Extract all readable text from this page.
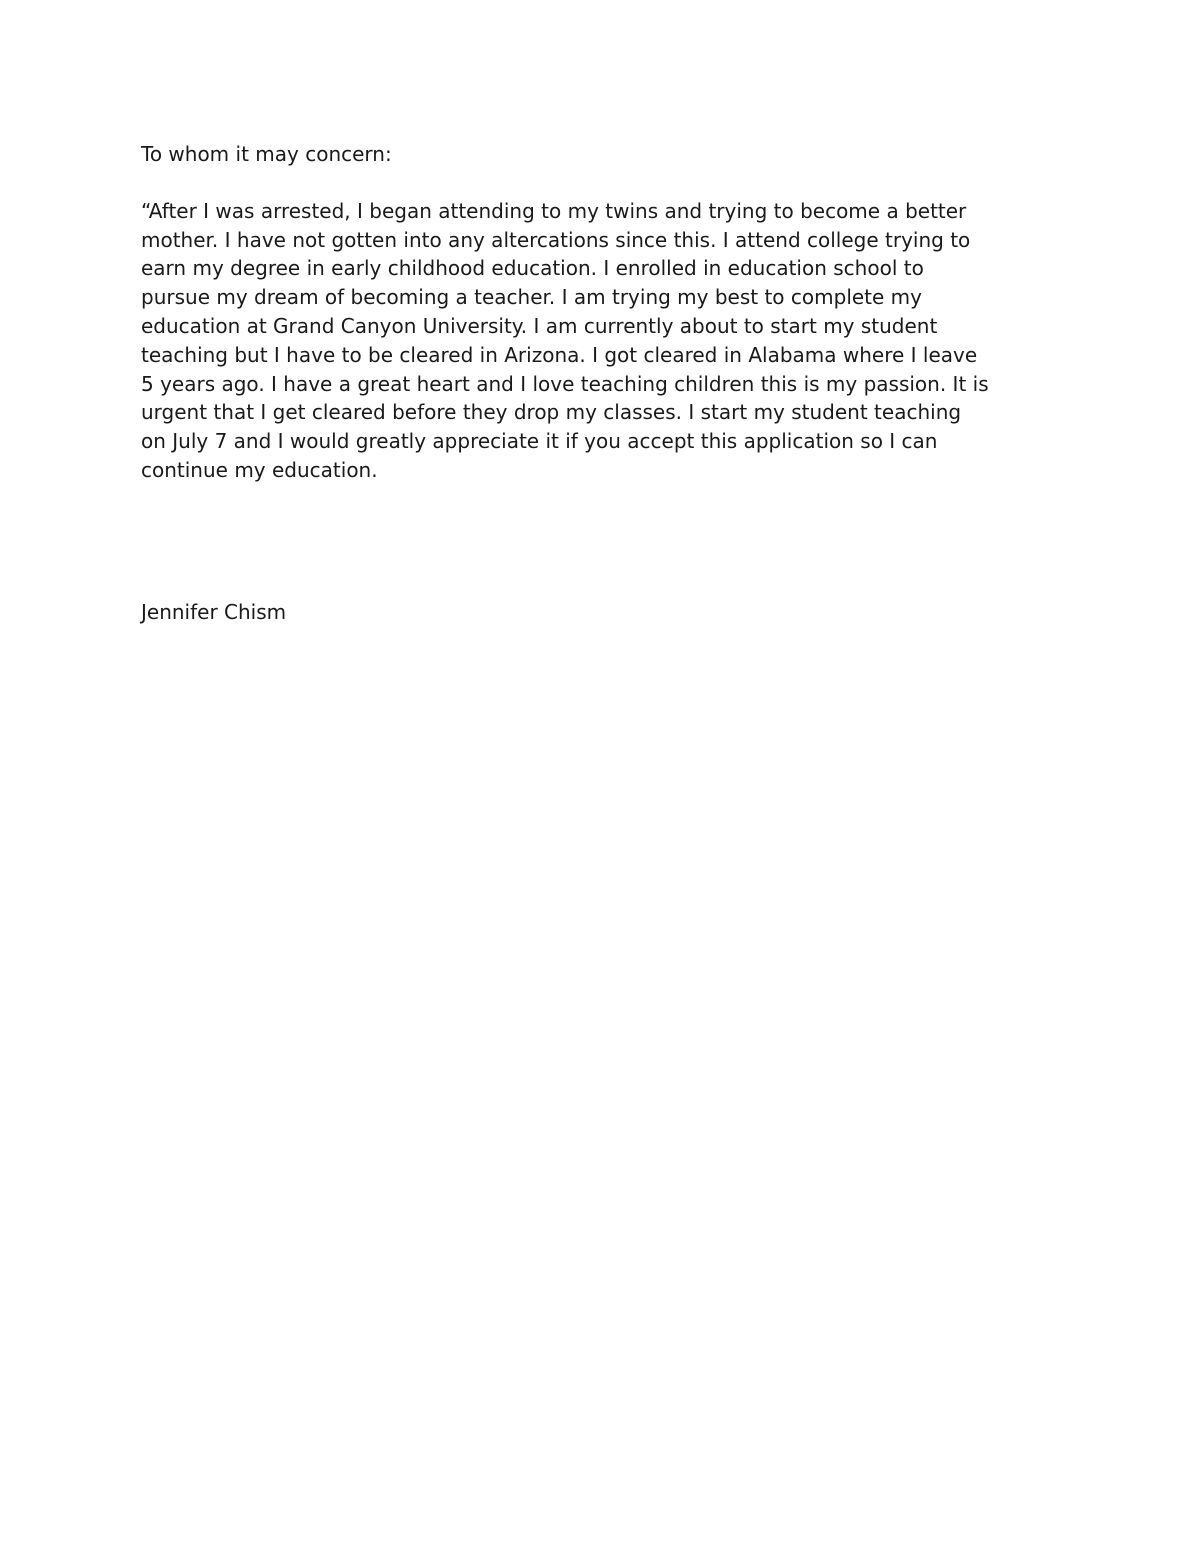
To whom it may concern:

“After I was arrested, I began attending to my twins and trying to become a better
mother. I have not gotten into any altercations since this. I attend college trying to
earn my degree in early childhood education. I enrolled in education school to
pursue my dream of becoming a teacher. I am trying my best to complete my
education at Grand Canyon University. I am currently about to start my student
teaching but I have to be cleared in Arizona. I got cleared in Alabama where I leave
5 years ago. I have a great heart and I love teaching children this is my passion. It is
urgent that I get cleared before they drop my classes. I start my student teaching
on July 7 and I would greatly appreciate it if you accept this application so I can
continue my education.
Jennifer Chism
